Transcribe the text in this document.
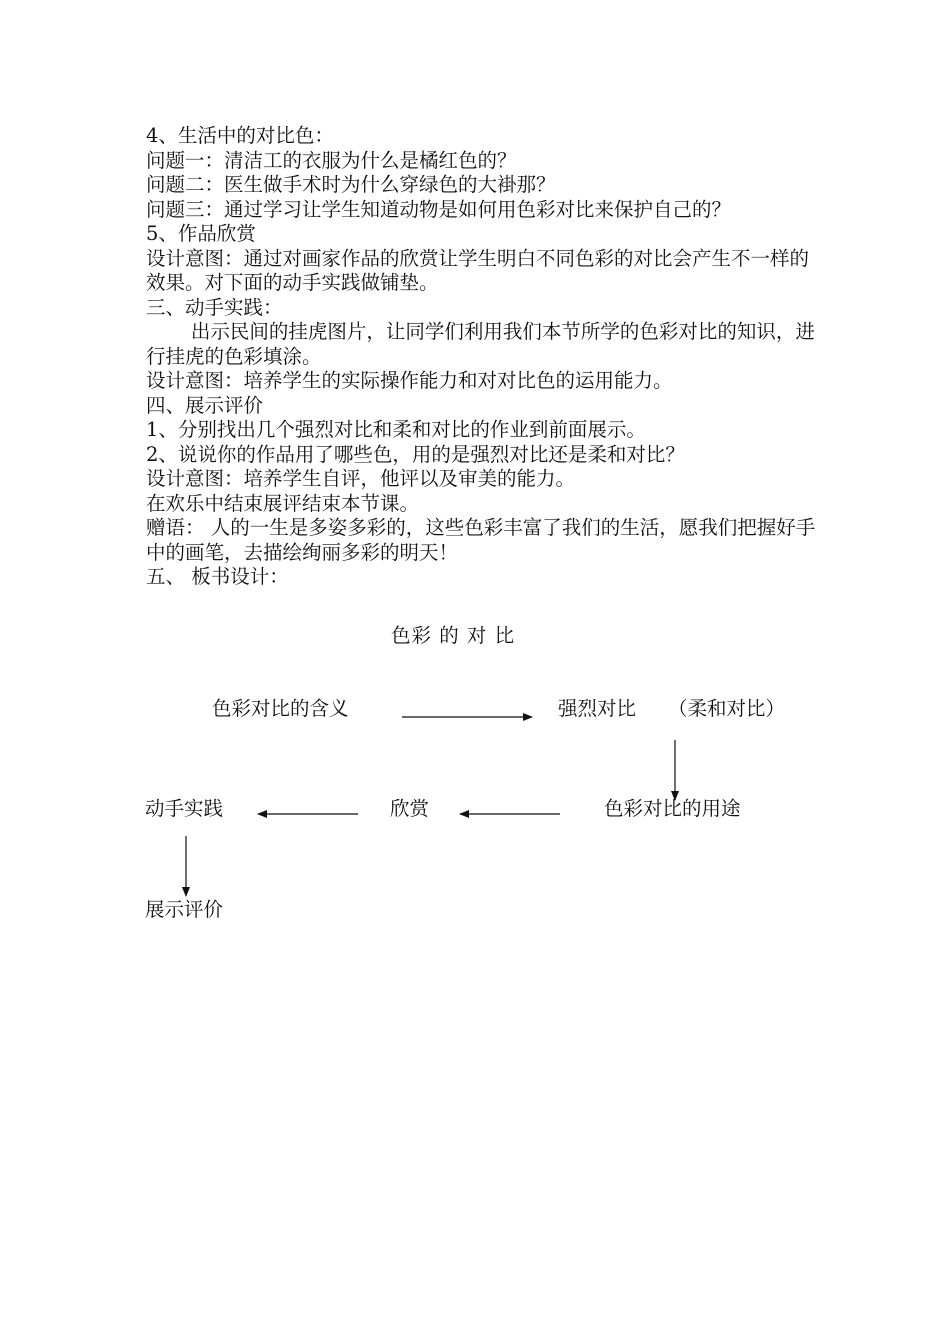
4、生活中的对比色：

问题一：清洁工的衣服为什么是橘红色的？

问题二：医生做手术时为什么穿绿色的大褂那？

问题三：通过学习让学生知道动物是如何用色彩对比来保护自己的？

5、作品欣赏

设计意图：通过对画家作品的欣赏让学生明白不同色彩的对比会产生不一样的效果。对下面的动手实践做铺垫。

三、动手实践：

出示民间的挂虎图片，让同学们利用我们本节所学的色彩对比的知识，进行挂虎的色彩填涂。

设计意图：培养学生的实际操作能力和对对比色的运用能力。

四、展示评价

1、分别找出几个强烈对比和柔和对比的作业到前面展示。

2、说说你的作品用了哪些色，用的是强烈对比还是柔和对比？

设计意图：培养学生自评，他评以及审美的能力。

在欢乐中结束展评结束本节课。

赠语： 人的一生是多姿多彩的，这些色彩丰富了我们的生活，愿我们把握好手中的画笔，去描绘绚丽多彩的明天！

五、 板书设计：

色彩 的 对 比
色彩对比的含义	强烈对比 （柔和对比）
色彩对比的用途
欣赏
动手实践
展示评价
